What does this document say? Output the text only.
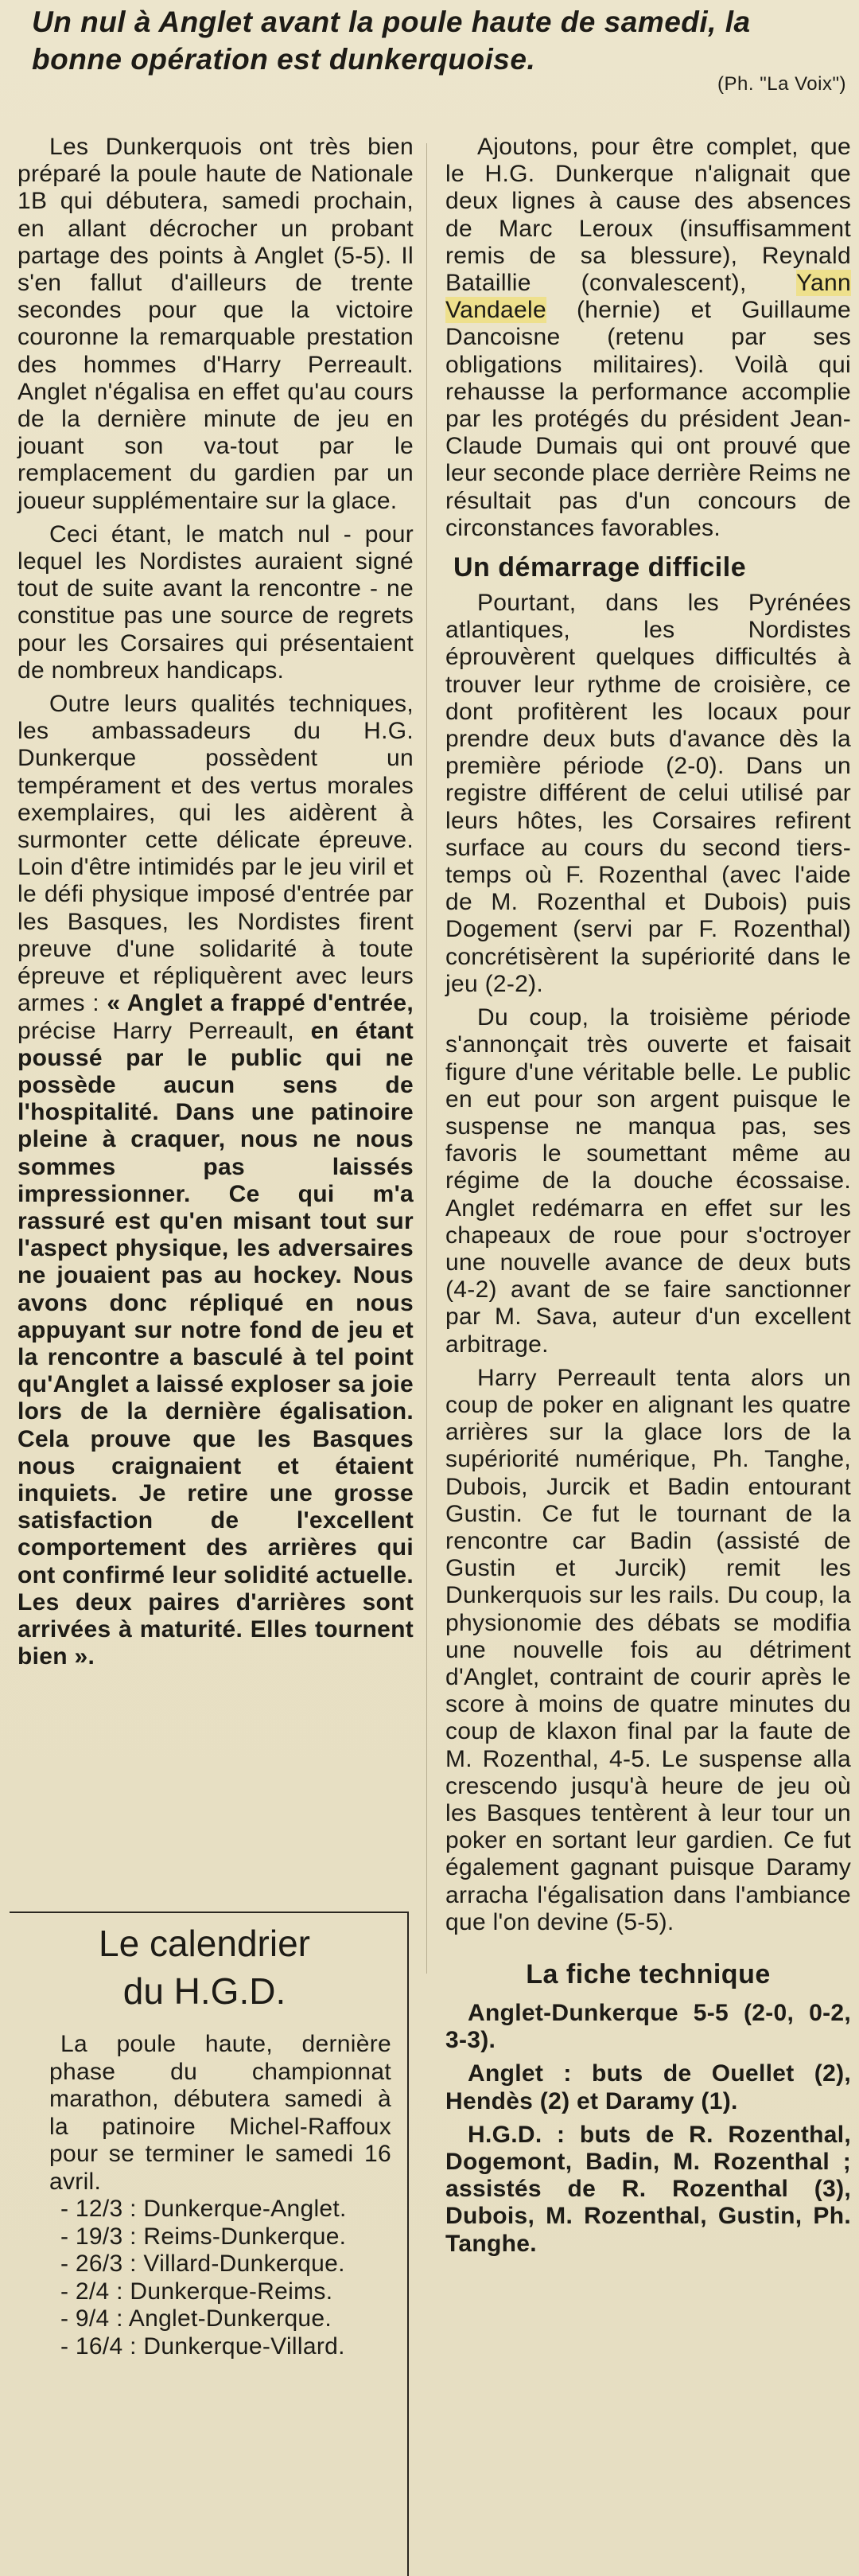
Un nul à Anglet avant la poule haute de samedi, la bonne opération est dunkerquoise.
(Ph. "La Voix")

Les Dunkerquois ont très bien préparé la poule haute de Nationale 1B qui débutera, samedi prochain, en allant décrocher un probant partage des points à Anglet (5-5). Il s'en fallut d'ailleurs de trente secondes pour que la victoire couronne la remarquable prestation des hommes d'Harry Perreault. Anglet n'égalisa en effet qu'au cours de la dernière minute de jeu en jouant son va-tout par le remplacement du gardien par un joueur supplémentaire sur la glace.

Ceci étant, le match nul - pour lequel les Nordistes auraient signé tout de suite avant la rencontre - ne constitue pas une source de regrets pour les Corsaires qui présentaient de nombreux handicaps.

Outre leurs qualités techniques, les ambassadeurs du H.G. Dunkerque possèdent un tempérament et des vertus morales exemplaires, qui les aidèrent à surmonter cette délicate épreuve. Loin d'être intimidés par le jeu viril et le défi physique imposé d'entrée par les Basques, les Nordistes firent preuve d'une solidarité à toute épreuve et répliquèrent avec leurs armes : « Anglet a frappé d'entrée, précise Harry Perreault, en étant poussé par le public qui ne possède aucun sens de l'hospitalité. Dans une patinoire pleine à craquer, nous ne nous sommes pas laissés impressionner. Ce qui m'a rassuré est qu'en misant tout sur l'aspect physique, les adversaires ne jouaient pas au hockey. Nous avons donc répliqué en nous appuyant sur notre fond de jeu et la rencontre a basculé à tel point qu'Anglet a laissé exploser sa joie lors de la dernière égalisation. Cela prouve que les Basques nous craignaient et étaient inquiets. Je retire une grosse satisfaction de l'excellent comportement des arrières qui ont confirmé leur solidité actuelle. Les deux paires d'arrières sont arrivées à maturité. Elles tournent bien ».

Le calendrier
du H.G.D.
La poule haute, dernière phase du championnat marathon, débutera samedi à la patinoire Michel-Raffoux pour se terminer le samedi 16 avril.
- 12/3 : Dunkerque-Anglet.
- 19/3 : Reims-Dunkerque.
- 26/3 : Villard-Dunkerque.
- 2/4 : Dunkerque-Reims.
- 9/4 : Anglet-Dunkerque.
- 16/4 : Dunkerque-Villard.

Ajoutons, pour être complet, que le H.G. Dunkerque n'alignait que deux lignes à cause des absences de Marc Leroux (insuffisamment remis de sa blessure), Reynald Bataillie (convalescent), Yann Vandaele (hernie) et Guillaume Dancoisne (retenu par ses obligations militaires). Voilà qui rehausse la performance accomplie par les protégés du président Jean-Claude Dumais qui ont prouvé que leur seconde place derrière Reims ne résultait pas d'un concours de circonstances favorables.

Un démarrage difficile

Pourtant, dans les Pyrénées atlantiques, les Nordistes éprouvèrent quelques difficultés à trouver leur rythme de croisière, ce dont profitèrent les locaux pour prendre deux buts d'avance dès la première période (2-0). Dans un registre différent de celui utilisé par leurs hôtes, les Corsaires refirent surface au cours du second tiers-temps où F. Rozenthal (avec l'aide de M. Rozenthal et Dubois) puis Dogement (servi par F. Rozenthal) concrétisèrent la supériorité dans le jeu (2-2).

Du coup, la troisième période s'annonçait très ouverte et faisait figure d'une véritable belle. Le public en eut pour son argent puisque le suspense ne manqua pas, ses favoris le soumettant même au régime de la douche écossaise. Anglet redémarra en effet sur les chapeaux de roue pour s'octroyer une nouvelle avance de deux buts (4-2) avant de se faire sanctionner par M. Sava, auteur d'un excellent arbitrage.

Harry Perreault tenta alors un coup de poker en alignant les quatre arrières sur la glace lors de la supériorité numérique, Ph. Tanghe, Dubois, Jurcik et Badin entourant Gustin. Ce fut le tournant de la rencontre car Badin (assisté de Gustin et Jurcik) remit les Dunkerquois sur les rails. Du coup, la physionomie des débats se modifia une nouvelle fois au détriment d'Anglet, contraint de courir après le score à moins de quatre minutes du coup de klaxon final par la faute de M. Rozenthal, 4-5. Le suspense alla crescendo jusqu'à heure de jeu où les Basques tentèrent à leur tour un poker en sortant leur gardien. Ce fut également gagnant puisque Daramy arracha l'égalisation dans l'ambiance que l'on devine (5-5).

La fiche technique

Anglet-Dunkerque 5-5 (2-0, 0-2, 3-3).

Anglet : buts de Ouellet (2), Hendès (2) et Daramy (1).

H.G.D. : buts de R. Rozenthal, Dogemont, Badin, M. Rozenthal ; assistés de R. Rozenthal (3), Dubois, M. Rozenthal, Gustin, Ph. Tanghe.
